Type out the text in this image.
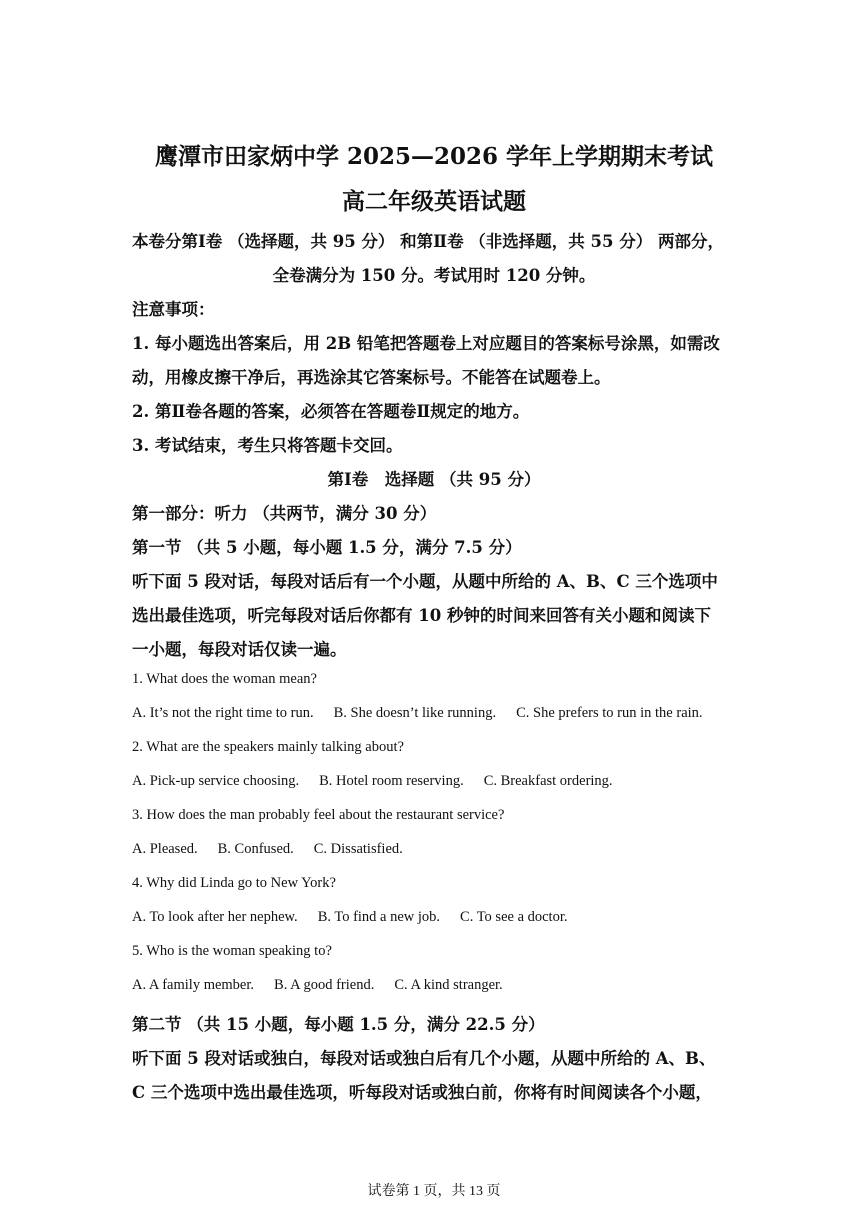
鹰潭市田家炳中学 2025—2026 学年上学期期末考试
高二年级英语试题
本卷分第Ⅰ卷 （选择题，共 95 分） 和第Ⅱ卷 （非选择题，共 55 分） 两部分，
全卷满分为 150 分。考试用时 120 分钟。
注意事项：
1. 每小题选出答案后，用 2B 铅笔把答题卷上对应题目的答案标号涂黑，如需改
动，用橡皮擦干净后，再选涂其它答案标号。不能答在试题卷上。
2. 第Ⅱ卷各题的答案，必须答在答题卷Ⅱ规定的地方。
3. 考试结束，考生只将答题卡交回。
第Ⅰ卷　选择题 （共 95 分）
第一部分：听力 （共两节，满分 30 分）
第一节 （共 5 小题，每小题 1.5 分，满分 7.5 分）
听下面 5 段对话，每段对话后有一个小题，从题中所给的 A、B、C 三个选项中
选出最佳选项，听完每段对话后你都有 10 秒钟的时间来回答有关小题和阅读下
一小题，每段对话仅读一遍。
1. What does the woman mean?
A. It’s not the right time to run. B. She doesn’t like running. C. She prefers to run in the rain.
2. What are the speakers mainly talking about?
A. Pick-up service choosing. B. Hotel room reserving. C. Breakfast ordering.
3. How does the man probably feel about the restaurant service?
A. Pleased. B. Confused. C. Dissatisfied.
4. Why did Linda go to New York?
A. To look after her nephew. B. To find a new job. C. To see a doctor.
5. Who is the woman speaking to?
A. A family member. B. A good friend. C. A kind stranger.
第二节 （共 15 小题，每小题 1.5 分，满分 22.5 分）
听下面 5 段对话或独白，每段对话或独白后有几个小题，从题中所给的 A、B、
C 三个选项中选出最佳选项，听每段对话或独白前，你将有时间阅读各个小题，
试卷第 1 页，共 13 页
